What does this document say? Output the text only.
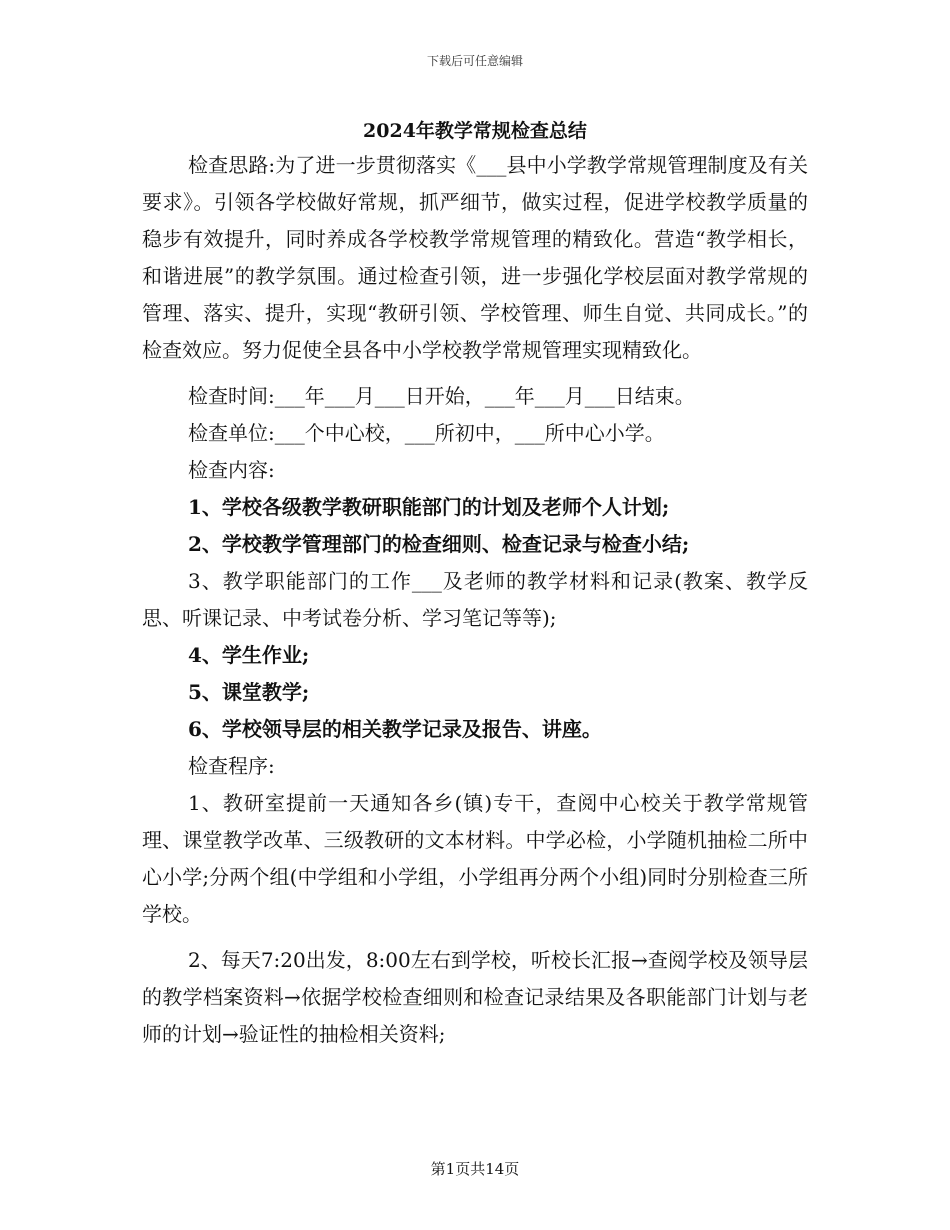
下载后可任意编辑
2024年教学常规检查总结

检查思路:为了进一步贯彻落实《___县中小学教学常规管理制度及有关要求》。引领各学校做好常规，抓严细节，做实过程，促进学校教学质量的稳步有效提升，同时养成各学校教学常规管理的精致化。营造“教学相长，和谐进展”的教学氛围。通过检查引领，进一步强化学校层面对教学常规的管理、落实、提升，实现“教研引领、学校管理、师生自觉、共同成长。”的检查效应。努力促使全县各中小学校教学常规管理实现精致化。

检查时间:___年___月___日开始，___年___月___日结束。

检查单位:___个中心校，___所初中，___所中心小学。

检查内容:

1、学校各级教学教研职能部门的计划及老师个人计划;

2、学校教学管理部门的检查细则、检查记录与检查小结;

3、教学职能部门的工作___及老师的教学材料和记录(教案、教学反思、听课记录、中考试卷分析、学习笔记等等);

4、学生作业;

5、课堂教学;

6、学校领导层的相关教学记录及报告、讲座。

检查程序:

1、教研室提前一天通知各乡(镇)专干，查阅中心校关于教学常规管理、课堂教学改革、三级教研的文本材料。中学必检，小学随机抽检二所中心小学;分两个组(中学组和小学组，小学组再分两个小组)同时分别检查三所学校。

2、每天7:20出发，8:00左右到学校，听校长汇报→查阅学校及领导层的教学档案资料→依据学校检查细则和检查记录结果及各职能部门计划与老师的计划→验证性的抽检相关资料;

第1页共14页
